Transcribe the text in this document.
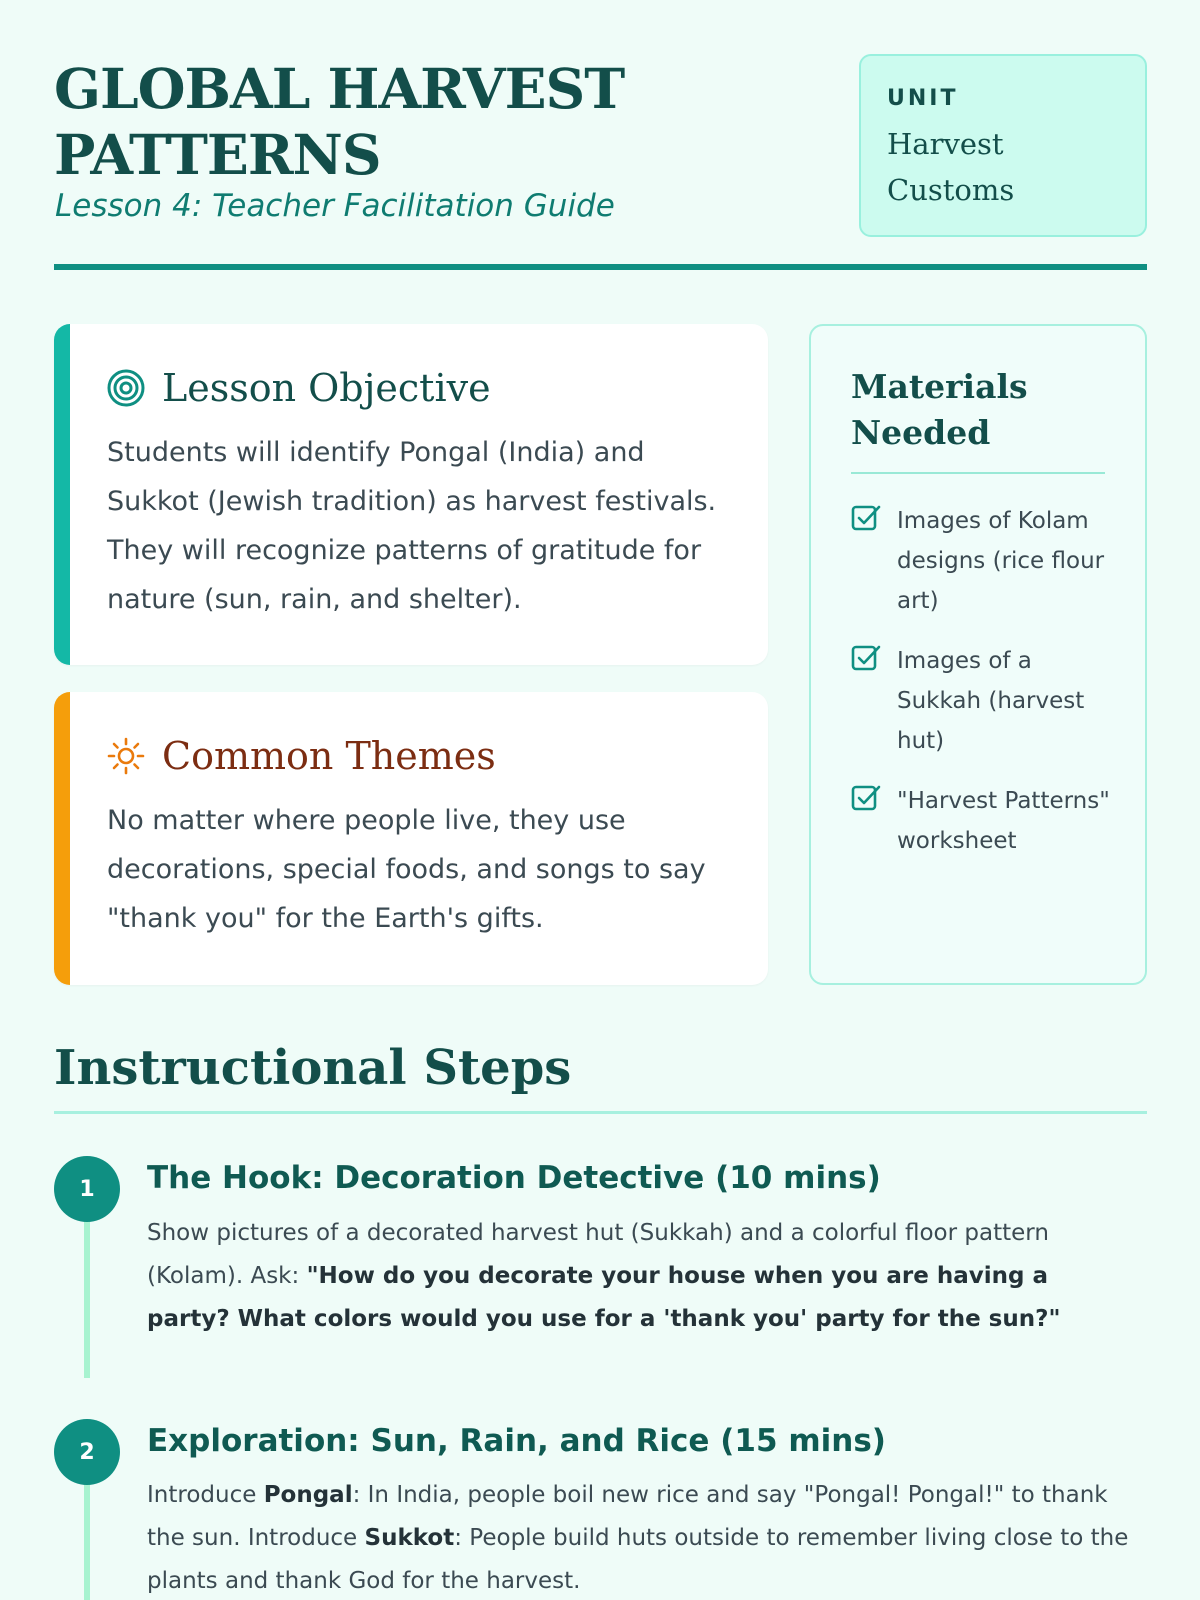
GLOBAL HARVEST PATTERNS
Lesson 4: Teacher Facilitation Guide
UNIT
Harvest Customs
Lesson Objective

Students will identify Pongal (India) and Sukkot (Jewish tradition) as harvest festivals. They will recognize patterns of gratitude for nature (sun, rain, and shelter).

Common Themes

No matter where people live, they use decorations, special foods, and songs to say "thank you" for the Earth's gifts.

Materials Needed
Images of Kolam designs (rice flour art)
Images of a Sukkah (harvest hut)
"Harvest Patterns" worksheet
Instructional Steps
1	The Hook: Decoration Detective (10 mins)

Show pictures of a decorated harvest hut (Sukkah) and a colorful floor pattern (Kolam). Ask: "How do you decorate your house when you are having a party? What colors would you use for a 'thank you' party for the sun?"

2	Exploration: Sun, Rain, and Rice (15 mins)

Introduce Pongal: In India, people boil new rice and say "Pongal! Pongal!" to thank the sun. Introduce Sukkot: People build huts outside to remember living close to the plants and thank God for the harvest.
